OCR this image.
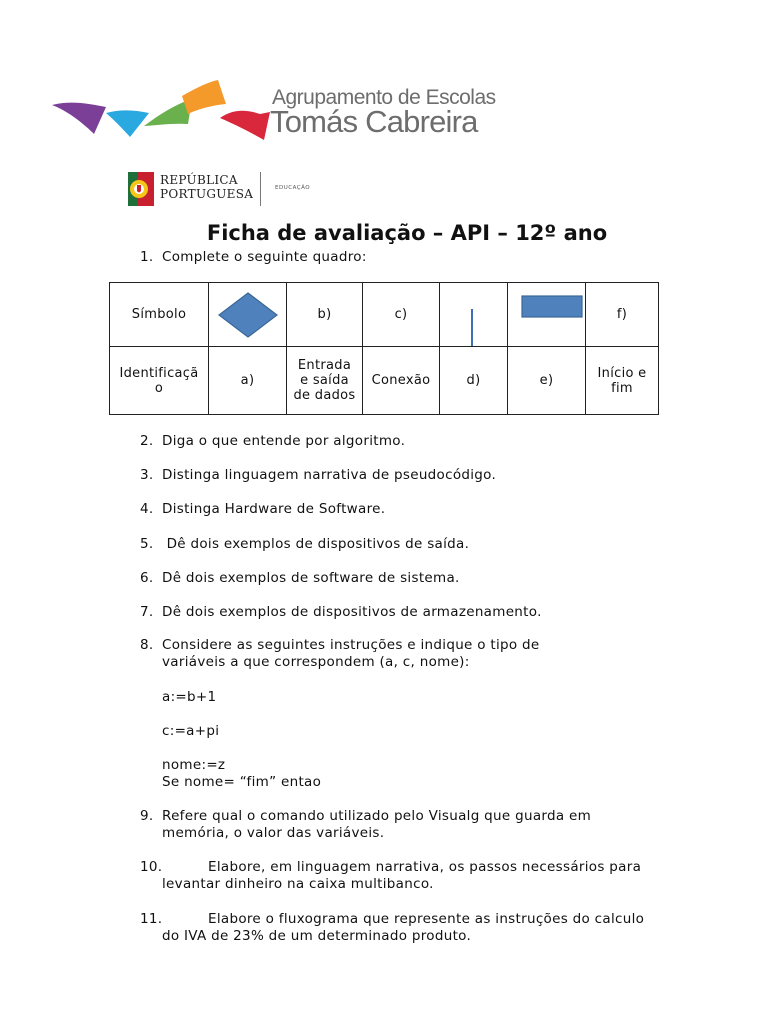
Agrupamento de Escolas
Tomás Cabreira
REPÚBLICA
PORTUGUESA	EDUCAÇÃO
Ficha de avaliação – API – 12º ano
1. Complete o seguinte quadro:
Símbolo		b)	c)			f)
Identificação	a)	Entrada e saída de dados	Conexão	d)	e)	Início e fim
2. Diga o que entende por algoritmo.
3. Distinga linguagem narrativa de pseudocódigo.
4. Distinga Hardware de Software.
5. Dê dois exemplos de dispositivos de saída.
6. Dê dois exemplos de software de sistema.
7. Dê dois exemplos de dispositivos de armazenamento.
8. Considere as seguintes instruções e indique o tipo de variáveis a que correspondem (a, c, nome):
a:=b+1
c:=a+pi
nome:=z
Se nome= “fim” entao
9. Refere qual o comando utilizado pelo Visualg que guarda em memória, o valor das variáveis.
10.	Elabore, em linguagem narrativa, os passos necessários para levantar dinheiro na caixa multibanco.
11.	Elabore o fluxograma que represente as instruções do calculo do IVA de 23% de um determinado produto.
